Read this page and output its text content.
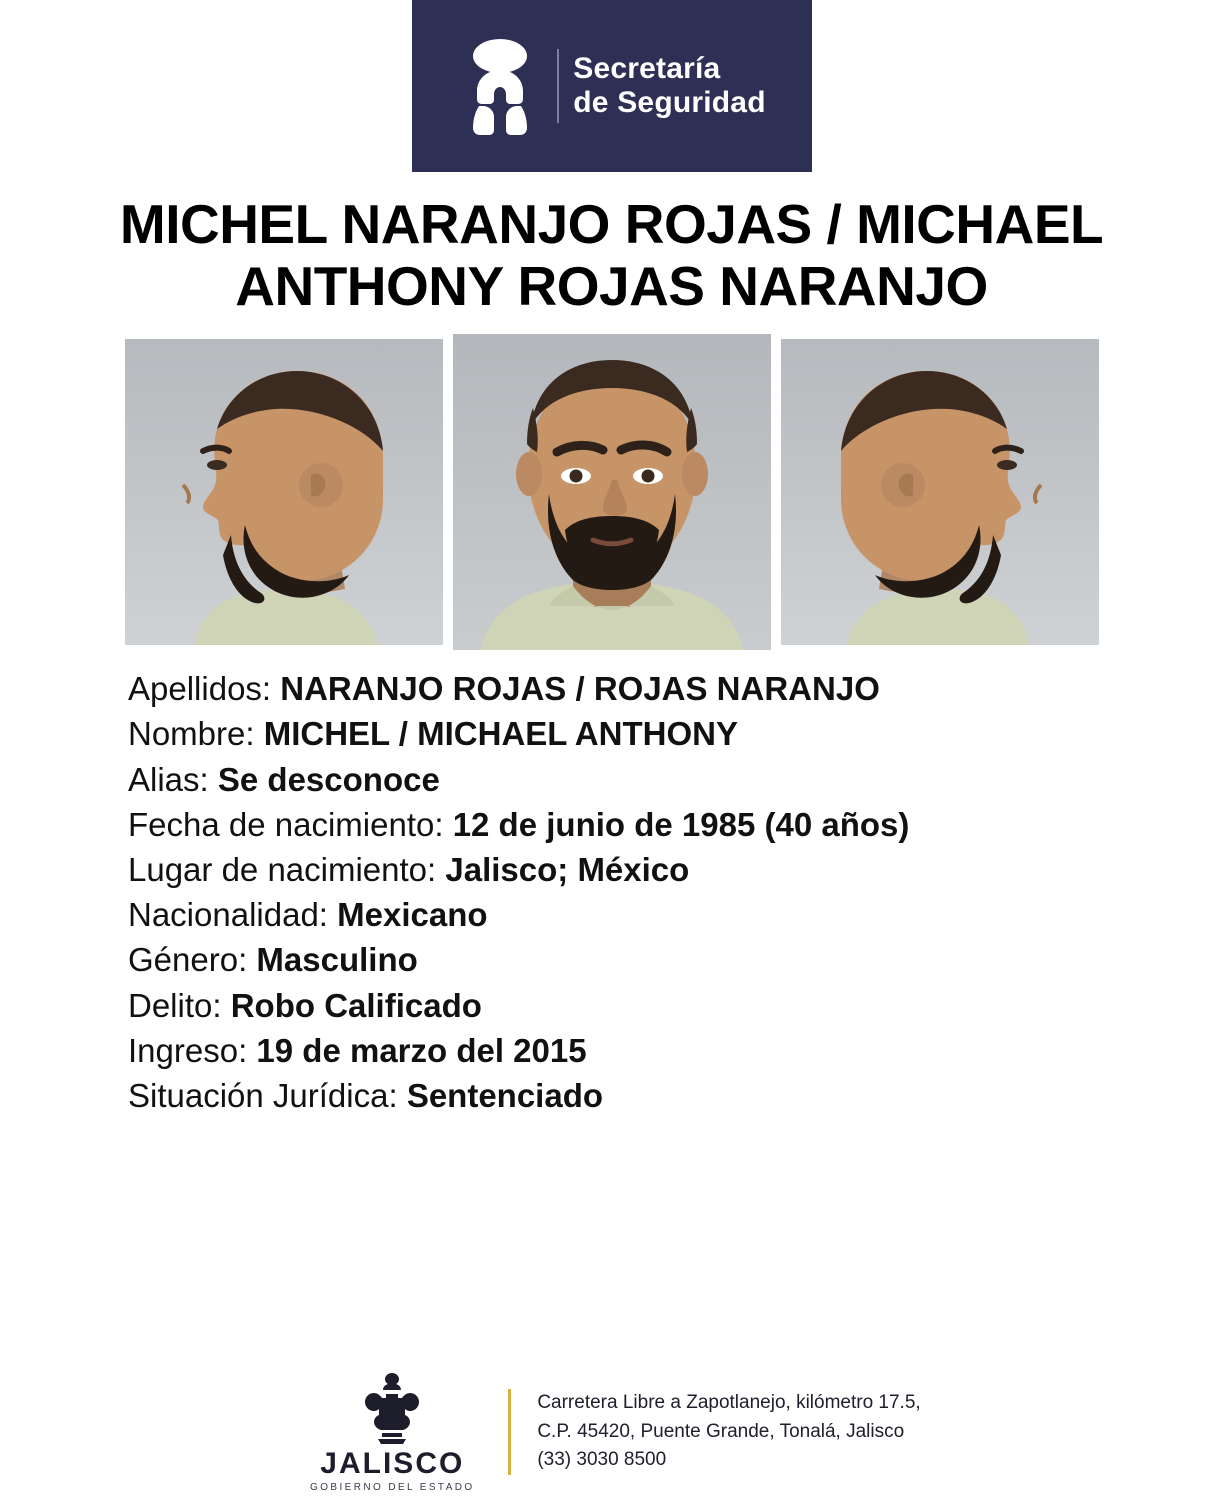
Secretaría
de Seguridad
MICHEL NARANJO ROJAS / MICHAEL ANTHONY ROJAS NARANJO
Apellidos: NARANJO ROJAS / ROJAS NARANJO
Nombre: MICHEL / MICHAEL ANTHONY
Alias: Se desconoce
Fecha de nacimiento: 12 de junio de 1985 (40 años)
Lugar de nacimiento: Jalisco; México
Nacionalidad: Mexicano
Género: Masculino
Delito: Robo Calificado
Ingreso: 19 de marzo del 2015
Situación Jurídica: Sentenciado
JALISCO
GOBIERNO DEL ESTADO
Carretera Libre a Zapotlanejo, kilómetro 17.5,
C.P. 45420, Puente Grande, Tonalá, Jalisco
(33) 3030 8500
